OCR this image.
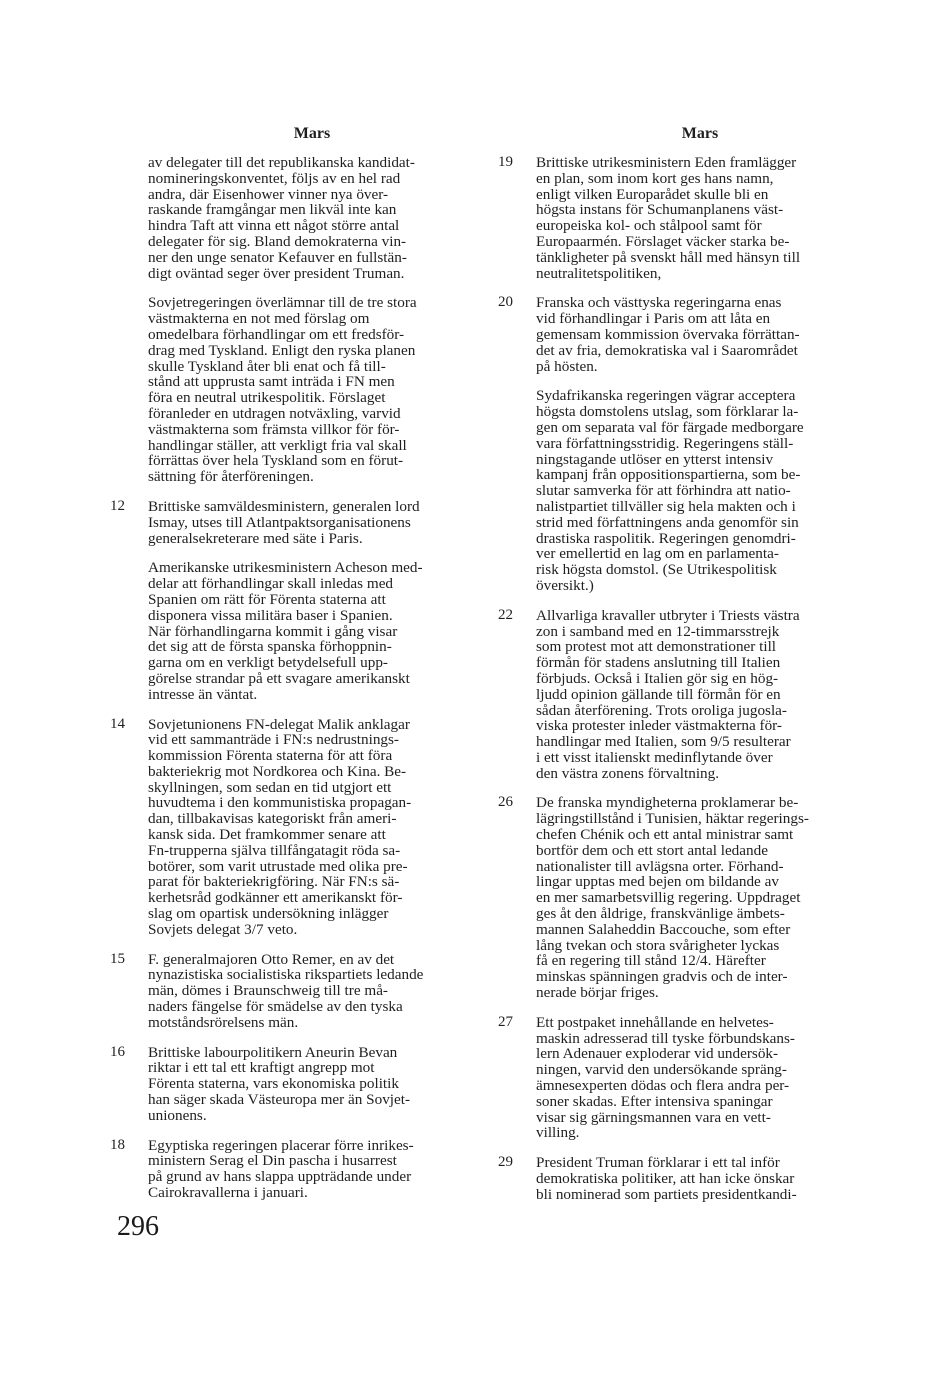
Mars

av delegater till det republikanska kandidat-
nomineringskonventet, följs av en hel rad
andra, där Eisenhower vinner nya över-
raskande framgångar men likväl inte kan
hindra Taft att vinna ett något större antal
delegater för sig. Bland demokraterna vin-
ner den unge senator Kefauver en fullstän-
digt oväntad seger över president Truman.

Sovjetregeringen överlämnar till de tre stora
västmakterna en not med förslag om
omedelbara förhandlingar om ett fredsför-
drag med Tyskland. Enligt den ryska planen
skulle Tyskland åter bli enat och få till-
stånd att upprusta samt inträda i FN men
föra en neutral utrikespolitik. Förslaget
föranleder en utdragen notväxling, varvid
västmakterna som främsta villkor för för-
handlingar ställer, att verkligt fria val skall
förrättas över hela Tyskland som en förut-
sättning för återföreningen.

12	Brittiske samväldesministern, generalen lord
Ismay, utses till Atlantpaktsorganisationens
generalsekreterare med säte i Paris.

Amerikanske utrikesministern Acheson med-
delar att förhandlingar skall inledas med
Spanien om rätt för Förenta staterna att
disponera vissa militära baser i Spanien.
När förhandlingarna kommit i gång visar
det sig att de första spanska förhoppnin-
garna om en verkligt betydelsefull upp-
görelse strandar på ett svagare amerikanskt
intresse än väntat.

14	Sovjetunionens FN-delegat Malik anklagar
vid ett sammanträde i FN:s nedrustnings-
kommission Förenta staterna för att föra
bakteriekrig mot Nordkorea och Kina. Be-
skyllningen, som sedan en tid utgjort ett
huvudtema i den kommunistiska propagan-
dan, tillbakavisas kategoriskt från ameri-
kansk sida. Det framkommer senare att
Fn-trupperna själva tillfångatagit röda sa-
botörer, som varit utrustade med olika pre-
parat för bakteriekrigföring. När FN:s sä-
kerhetsråd godkänner ett amerikanskt för-
slag om opartisk undersökning inlägger
Sovjets delegat 3/7 veto.

15	F. generalmajoren Otto Remer, en av det
nynazistiska socialistiska rikspartiets ledande
män, dömes i Braunschweig till tre må-
naders fängelse för smädelse av den tyska
motståndsrörelsens män.

16	Brittiske labourpolitikern Aneurin Bevan
riktar i ett tal ett kraftigt angrepp mot
Förenta staterna, vars ekonomiska politik
han säger skada Västeuropa mer än Sovjet-
unionens.

18	Egyptiska regeringen placerar förre inrikes-
ministern Serag el Din pascha i husarrest
på grund av hans slappa uppträdande under
Cairokravallerna i januari.

Mars
19	Brittiske utrikesministern Eden framlägger
en plan, som inom kort ges hans namn,
enligt vilken Europarådet skulle bli en
högsta instans för Schumanplanens väst-
europeiska kol- och stålpool samt för
Europaarmén. Förslaget väcker starka be-
tänkligheter på svenskt håll med hänsyn till
neutralitetspolitiken,

20	Franska och västtyska regeringarna enas
vid förhandlingar i Paris om att låta en
gemensam kommission övervaka förrättan-
det av fria, demokratiska val i Saarområdet
på hösten.

Sydafrikanska regeringen vägrar acceptera
högsta domstolens utslag, som förklarar la-
gen om separata val för färgade medborgare
vara författningsstridig. Regeringens ställ-
ningstagande utlöser en ytterst intensiv
kampanj från oppositionspartierna, som be-
slutar samverka för att förhindra att natio-
nalistpartiet tillväller sig hela makten och i
strid med författningens anda genomför sin
drastiska raspolitik. Regeringen genomdri-
ver emellertid en lag om en parlamenta-
risk högsta domstol. (Se Utrikespolitisk
översikt.)

22	Allvarliga kravaller utbryter i Triests västra
zon i samband med en 12-timmarsstrejk
som protest mot att demonstrationer till
förmån för stadens anslutning till Italien
förbjuds. Också i Italien gör sig en hög-
ljudd opinion gällande till förmån för en
sådan återförening. Trots oroliga jugosla-
viska protester inleder västmakterna för-
handlingar med Italien, som 9/5 resulterar
i ett visst italienskt medinflytande över
den västra zonens förvaltning.

26	De franska myndigheterna proklamerar be-
lägringstillstånd i Tunisien, häktar regerings-
chefen Chénik och ett antal ministrar samt
bortför dem och ett stort antal ledande
nationalister till avlägsna orter. Förhand-
lingar upptas med bejen om bildande av
en mer samarbetsvillig regering. Uppdraget
ges åt den åldrige, franskvänlige ämbets-
mannen Salaheddin Baccouche, som efter
lång tvekan och stora svårigheter lyckas
få en regering till stånd 12/4. Härefter
minskas spänningen gradvis och de inter-
nerade börjar friges.

27	Ett postpaket innehållande en helvetes-
maskin adresserad till tyske förbundskans-
lern Adenauer exploderar vid undersök-
ningen, varvid den undersökande spräng-
ämnesexperten dödas och flera andra per-
soner skadas. Efter intensiva spaningar
visar sig gärningsmannen vara en vett-
villing.

29	President Truman förklarar i ett tal inför
demokratiska politiker, att han icke önskar
bli nominerad som partiets presidentkandi-

296
